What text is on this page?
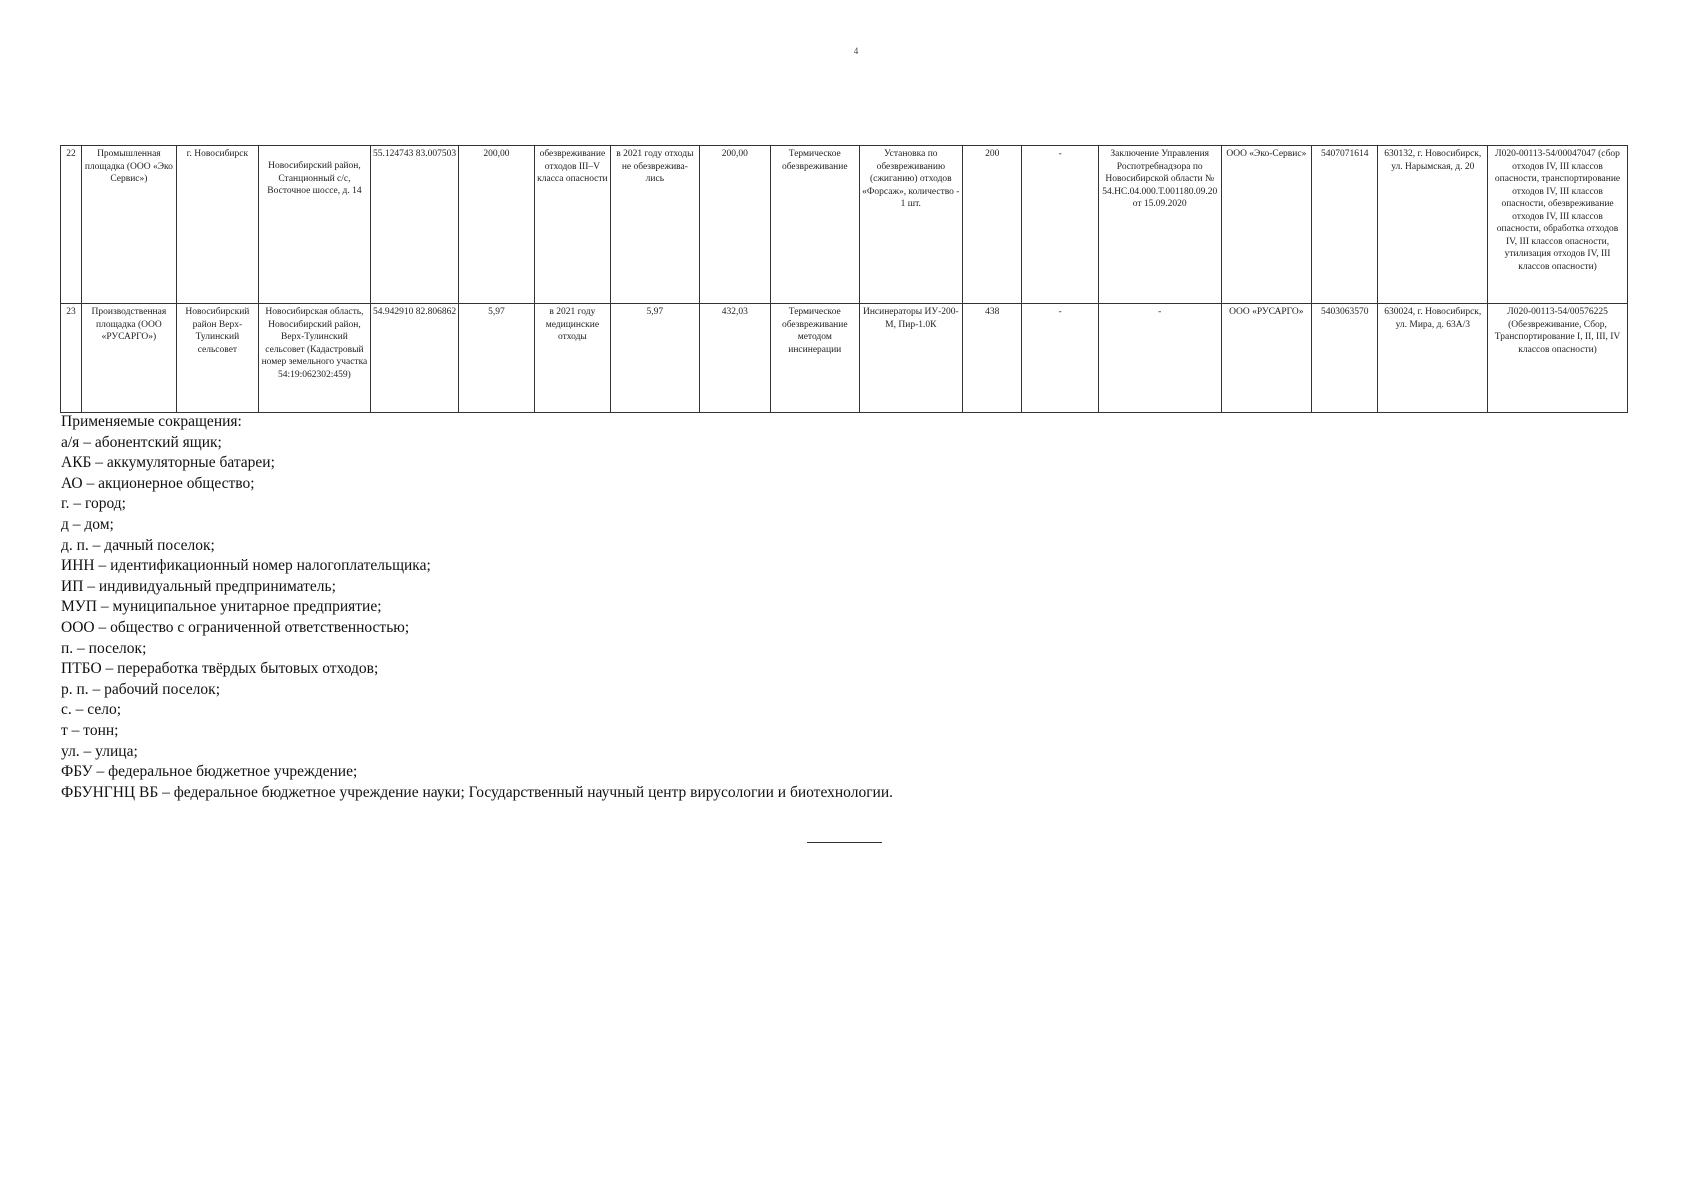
4
22	Промышленная площадка (ООО «Эко Сервис»)	г. Новосибирск	Новосибирский район, Станционный с/с, Восточное шоссе, д. 14	55.124743 83.007503	200,00	обезвреживание отходов III–V класса опасности	в 2021 году отходы не обезврежива-лись	200,00	Термическое обезвреживание	Установка по обезвреживанию (сжиганию) отходов «Форсаж», количество - 1 шт.	200	-	Заключение Управления Роспотребнадзора по Новосибирской области № 54.НС.04.000.Т.001180.09.20 от 15.09.2020	ООО «Эко-Сервис»	5407071614	630132, г. Новосибирск, ул. Нарымская, д. 20	Л020-00113-54/00047047 (сбор отходов IV, III классов опасности, транспортирование отходов IV, III классов опасности, обезвреживание отходов IV, III классов опасности, обработка отходов IV, III классов опасности, утилизация отходов IV, III классов опасности)
23	Производственная площадка (ООО «РУСАРГО»)	Новосибирский район Верх-Тулинский сельсовет	Новосибирская область, Новосибирский район, Верх-Тулинский сельсовет (Кадастровый номер земельного участка 54:19:062302:459)	54.942910 82.806862	5,97	в 2021 году медицинские отходы	5,97	432,03	Термическое обезвреживание методом инсинерации	Инсинераторы ИУ-200-М, Пир-1.0К	438	-	-	ООО «РУСАРГО»	5403063570	630024, г. Новосибирск, ул. Мира, д. 63А/3	Л020-00113-54/00576225 (Обезвреживание, Сбор, Транспортирование I, II, III, IV классов опасности)
Применяемые сокращения:
а/я – абонентский ящик;
АКБ – аккумуляторные батареи;
АО – акционерное общество;
г. – город;
д – дом;
д. п. – дачный поселок;
ИНН – идентификационный номер налогоплательщика;
ИП – индивидуальный предприниматель;
МУП – муниципальное унитарное предприятие;
ООО – общество с ограниченной ответственностью;
п. – поселок;
ПТБО – переработка твёрдых бытовых отходов;
р. п. – рабочий поселок;
с. – село;
т – тонн;
ул. – улица;
ФБУ – федеральное бюджетное учреждение;
ФБУНГНЦ ВБ – федеральное бюджетное учреждение науки; Государственный научный центр вирусологии и биотехнологии.
